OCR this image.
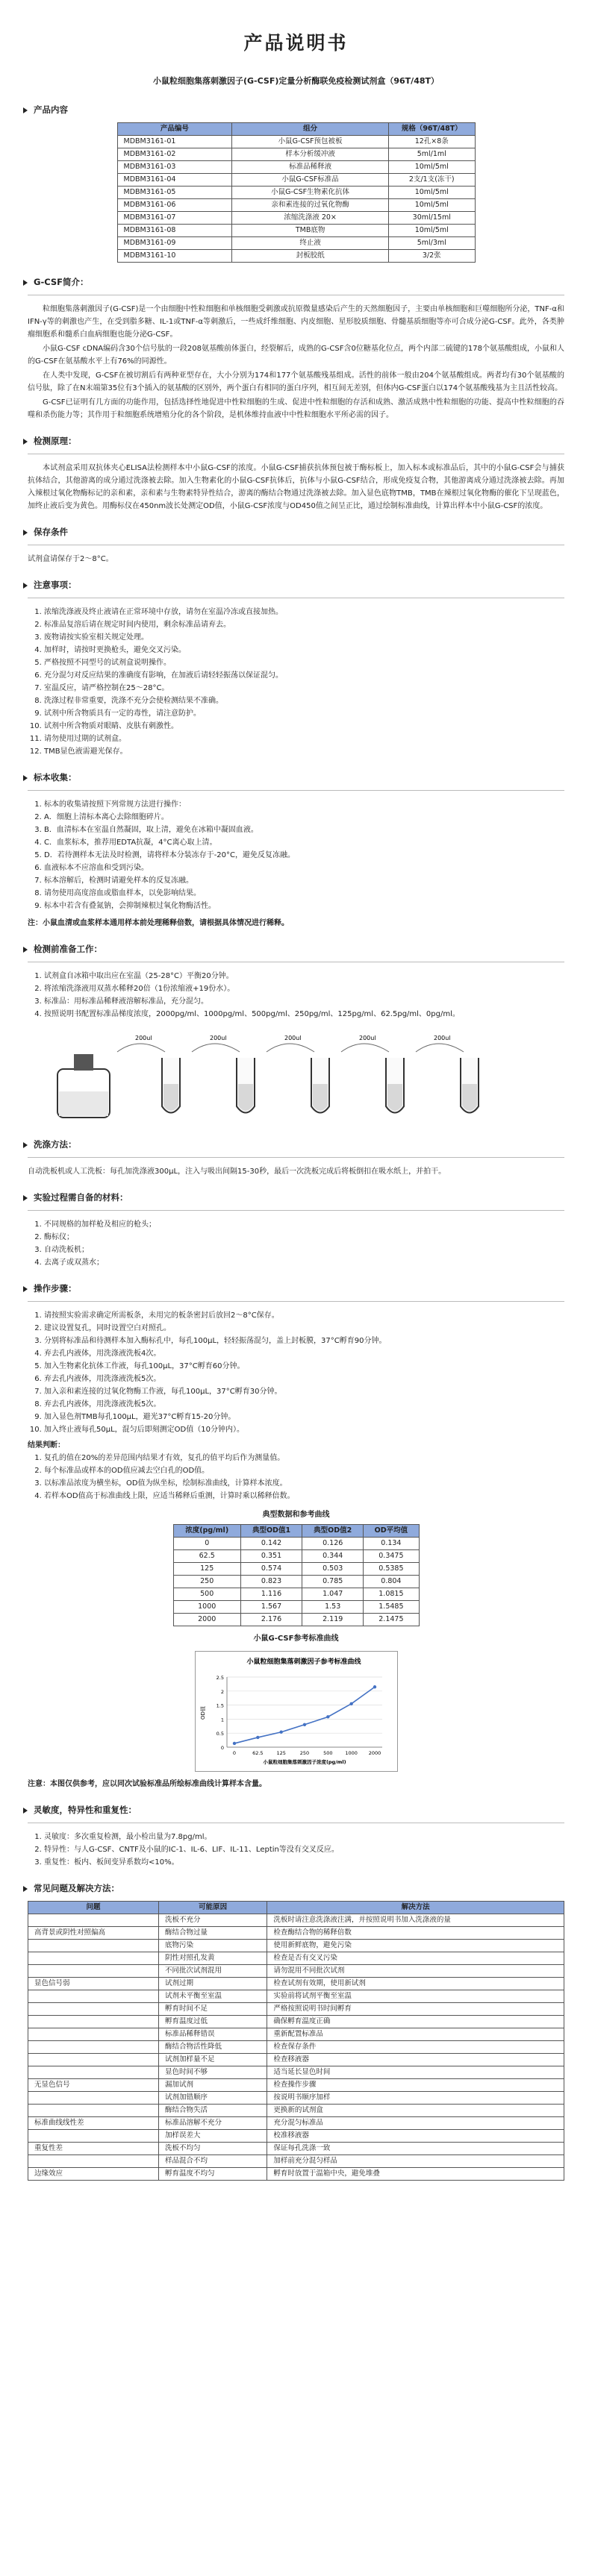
产品说明书
小鼠粒细胞集落刺激因子(G-CSF)定量分析酶联免疫检测试剂盒（96T/48T）
产品内容
产品编号	组分	规格（96T/48T）
MDBM3161-01	小鼠G-CSF预包被板	12孔×8条
MDBM3161-02	样本分析缓冲液	5ml/1ml
MDBM3161-03	标准品稀释液	10ml/5ml
MDBM3161-04	小鼠G-CSF标准品	2支/1支(冻干)
MDBM3161-05	小鼠G-CSF生物素化抗体	10ml/5ml
MDBM3161-06	亲和素连接的过氧化物酶	10ml/5ml
MDBM3161-07	浓缩洗涤液 20×	30ml/15ml
MDBM3161-08	TMB底物	10ml/5ml
MDBM3161-09	终止液	5ml/3ml
MDBM3161-10	封板胶纸	3/2张
G-CSF简介：

粒细胞集落刺激因子(G-CSF)是一个由细胞中性粒细胞和单核细胞受刺激或抗原微量感染后产生的天然细胞因子，主要由单核细胞和巨噬细胞所分泌，TNF-α和IFN-γ等的刺激也产生，在受到脂多糖、IL-1或TNF-α等刺激后，一些成纤维细胞、内皮细胞、星形胶质细胞、骨髓基质细胞等亦可合成分泌G-CSF。此外，各类肿瘤细胞系和髓系白血病细胞也能分泌G-CSF。

小鼠G-CSF cDNA编码含30个信号肽的一段208氨基酸前体蛋白，经裂解后，成熟的G-CSF含0位糖基化位点，两个内部二硫键的178个氨基酸组成，小鼠和人的G-CSF在氨基酸水平上有76%的同源性。

在人类中发现，G-CSF在被切割后有两种亚型存在，大小分别为174和177个氨基酸残基组成。活性的前体一般由204个氨基酸组成。两者均有30个氨基酸的信号肽，除了在N末端第35位有3个插入的氨基酸的区别外，两个蛋白有相同的蛋白序列，相互间无差别，但体内G-CSF蛋白以174个氨基酸残基为主且活性较高。

G-CSF已证明有几方面的功能作用，包括选择性地促进中性粒细胞的生成、促进中性粒细胞的存活和成熟、激活成熟中性粒细胞的功能、提高中性粒细胞的吞噬和杀伤能力等；其作用于粒细胞系统增殖分化的各个阶段，是机体维持血液中中性粒细胞水平所必需的因子。

检测原理：

本试剂盒采用双抗体夹心ELISA法检测样本中小鼠G-CSF的浓度。小鼠G-CSF捕获抗体预包被于酶标板上，加入标本或标准品后，其中的小鼠G-CSF会与捕获抗体结合，其他游离的成分通过洗涤被去除。加入生物素化的小鼠G-CSF抗体后，抗体与小鼠G-CSF结合，形成免疫复合物，其他游离成分通过洗涤被去除。再加入辣根过氧化物酶标记的亲和素，亲和素与生物素特异性结合，游离的酶结合物通过洗涤被去除。加入显色底物TMB，TMB在辣根过氧化物酶的催化下呈现蓝色，加终止液后变为黄色。用酶标仪在450nm波长处测定OD值，小鼠G-CSF浓度与OD450值之间呈正比，通过绘制标准曲线，计算出样本中小鼠G-CSF的浓度。

保存条件
试剂盒请保存于2～8°C。
注意事项：
1. 浓缩洗涤液及终止液请在正常环境中存放，请勿在室温冷冻或直接加热。
2. 标准品复溶后请在规定时间内使用，剩余标准品请弃去。
3. 废物请按实验室相关规定处理。
4. 加样时，请按时更换枪头，避免交叉污染。
5. 严格按照不同型号的试剂盒说明操作。
6. 充分混匀对反应结果的准确度有影响，在加液后请轻轻振荡以保证混匀。
7. 室温反应，请严格控制在25～28°C。
8. 洗涤过程非常重要，洗涤不充分会使检测结果不准确。
9. 试剂中所含物质具有一定的毒性，请注意防护。
10. 试剂中所含物质对眼睛、皮肤有刺激性。
11. 请勿使用过期的试剂盒。
12. TMB显色液需避光保存。
标本收集：
1. 标本的收集请按照下列常规方法进行操作：
2. A．细胞上清标本离心去除细胞碎片。
3. B．血清标本在室温自然凝固，取上清，避免在冰箱中凝固血液。
4. C．血浆标本，推荐用EDTA抗凝，4°C离心取上清。
5. D．若待测样本无法及时检测，请将样本分装冻存于-20°C，避免反复冻融。
6. 血液标本不应溶血和受到污染。
7. 标本溶解后，检测时请避免样本的反复冻融。
8. 请勿使用高度溶血或脂血样本，以免影响结果。
9. 标本中若含有叠氮钠，会抑制辣根过氧化物酶活性。
注：小鼠血清或血浆样本通用样本前处理稀释倍数，请根据具体情况进行稀释。
检测前准备工作：
1. 试剂盒自冰箱中取出应在室温（25-28°C）平衡20分钟。
2. 将浓缩洗涤液用双蒸水稀释20倍（1份浓缩液+19份水）。
3. 标准品：用标准品稀释液溶解标准品，充分混匀。
4. 按照说明书配置标准品梯度浓度，2000pg/ml、1000pg/ml、500pg/ml、250pg/ml、125pg/ml、62.5pg/ml、0pg/ml。
200ul	200ul	200ul	200ul	200ul
洗涤方法：
自动洗板机或人工洗板：每孔加洗涤液300μL，注入与吸出间隔15-30秒，最后一次洗板完成后将板倒扣在吸水纸上，并拍干。
实验过程需自备的材料：
1. 不同规格的加样枪及相应的枪头；
2. 酶标仪；
3. 自动洗板机；
4. 去离子或双蒸水；
操作步骤：
1. 请按照实验需求确定所需板条，未用完的板条密封后放回2～8°C保存。
2. 建议设置复孔，同时设置空白对照孔。
3. 分别将标准品和待测样本加入酶标孔中，每孔100μL，轻轻振荡混匀，盖上封板膜，37°C孵育90分钟。
4. 弃去孔内液体，用洗涤液洗板4次。
5. 加入生物素化抗体工作液，每孔100μL，37°C孵育60分钟。
6. 弃去孔内液体，用洗涤液洗板5次。
7. 加入亲和素连接的过氧化物酶工作液，每孔100μL，37°C孵育30分钟。
8. 弃去孔内液体，用洗涤液洗板5次。
9. 加入显色剂TMB每孔100μL，避光37°C孵育15-20分钟。
10. 加入终止液每孔50μL，混匀后即刻测定OD值（10分钟内）。
结果判断：
1. 复孔的值在20%的差异范围内结果才有效，复孔的值平均后作为测量值。
2. 每个标准品或样本的OD值应减去空白孔的OD值。
3. 以标准品浓度为横坐标，OD值为纵坐标，绘制标准曲线，计算样本浓度。
4. 若样本OD值高于标准曲线上限，应适当稀释后重测，计算时乘以稀释倍数。
典型数据和参考曲线
浓度(pg/ml)	典型OD值1	典型OD值2	OD平均值
0	0.142	0.126	0.134
62.5	0.351	0.344	0.3475
125	0.574	0.503	0.5385
250	0.823	0.785	0.804
500	1.116	1.047	1.0815
1000	1.567	1.53	1.5485
2000	2.176	2.119	2.1475
小鼠G-CSF参考标准曲线
小鼠粒细胞集落刺激因子参考标准曲线
0
0.5
1
1.5
2
2.5
0	62.5	125	250	500	1000 2000
小鼠粒细胞集落刺激因子浓度(pg/ml)
OD值
注意：本图仅供参考，应以同次试验标准品所绘标准曲线计算样本含量。
灵敏度，特异性和重复性：
1. 灵敏度：多次重复检测，最小检出量为7.8pg/ml。
2. 特异性：与人G-CSF、CNTF及小鼠的IC-1、IL-6、LIF、IL-11、Leptin等没有交叉反应。
3. 重复性：板内、板间变异系数均<10%。
常见问题及解决方法：
问题	可能原因	解决方法
	洗板不充分	洗板时请注意洗涤液注满，并按照说明书加入洗涤液的量
高背景或阴性对照偏高	酶结合物过量	检查酶结合物的稀释倍数
	底物污染	使用新鲜底物，避免污染
	阴性对照孔发黄	检查是否有交叉污染
	不同批次试剂混用	请勿混用不同批次试剂
显色信号弱	试剂过期	检查试剂有效期，使用新试剂
	试剂未平衡至室温	实验前将试剂平衡至室温
	孵育时间不足	严格按照说明书时间孵育
	孵育温度过低	确保孵育温度正确
	标准品稀释错误	重新配置标准品
	酶结合物活性降低	检查保存条件
	试剂加样量不足	检查移液器
	显色时间不够	适当延长显色时间
无显色信号	漏加试剂	检查操作步骤
	试剂加错顺序	按说明书顺序加样
	酶结合物失活	更换新的试剂盒
标准曲线线性差	标准品溶解不充分	充分混匀标准品
	加样误差大	校准移液器
重复性差	洗板不均匀	保证每孔洗涤一致
	样品混合不均	加样前充分混匀样品
边缘效应	孵育温度不均匀	孵育时放置于温箱中央，避免堆叠
